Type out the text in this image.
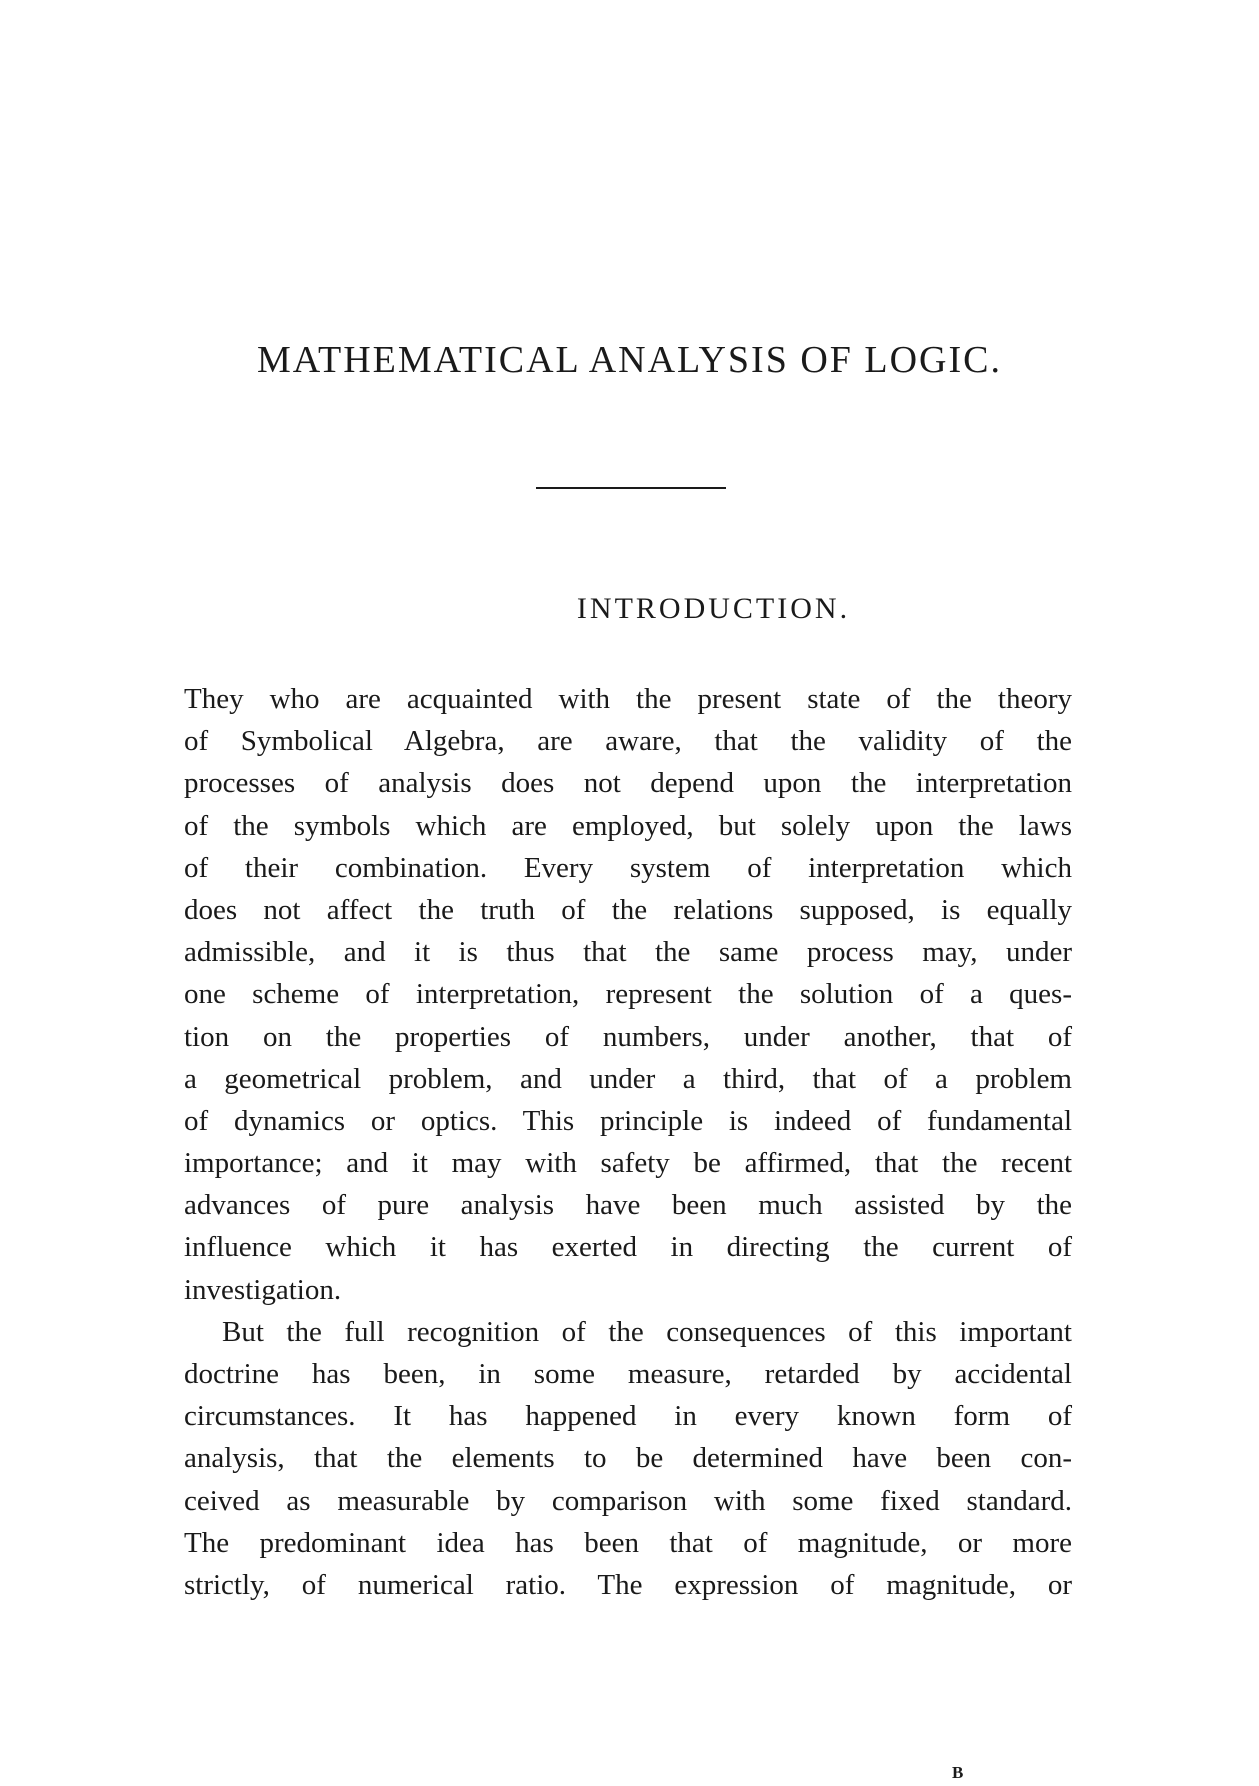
MATHEMATICAL ANALYSIS OF LOGIC.
INTRODUCTION.
They who are acquainted with the present state of the theory
of Symbolical Algebra, are aware, that the validity of the
processes of analysis does not depend upon the interpretation
of the symbols which are employed, but solely upon the laws
of their combination. Every system of interpretation which
does not affect the truth of the relations supposed, is equally
admissible, and it is thus that the same process may, under
one scheme of interpretation, represent the solution of a ques-
tion on the properties of numbers, under another, that of
a geometrical problem, and under a third, that of a problem
of dynamics or optics. This principle is indeed of fundamental
importance; and it may with safety be affirmed, that the recent
advances of pure analysis have been much assisted by the
influence which it has exerted in directing the current of
investigation.
But the full recognition of the consequences of this important
doctrine has been, in some measure, retarded by accidental
circumstances. It has happened in every known form of
analysis, that the elements to be determined have been con-
ceived as measurable by comparison with some fixed standard.
The predominant idea has been that of magnitude, or more
strictly, of numerical ratio. The expression of magnitude, or
B
